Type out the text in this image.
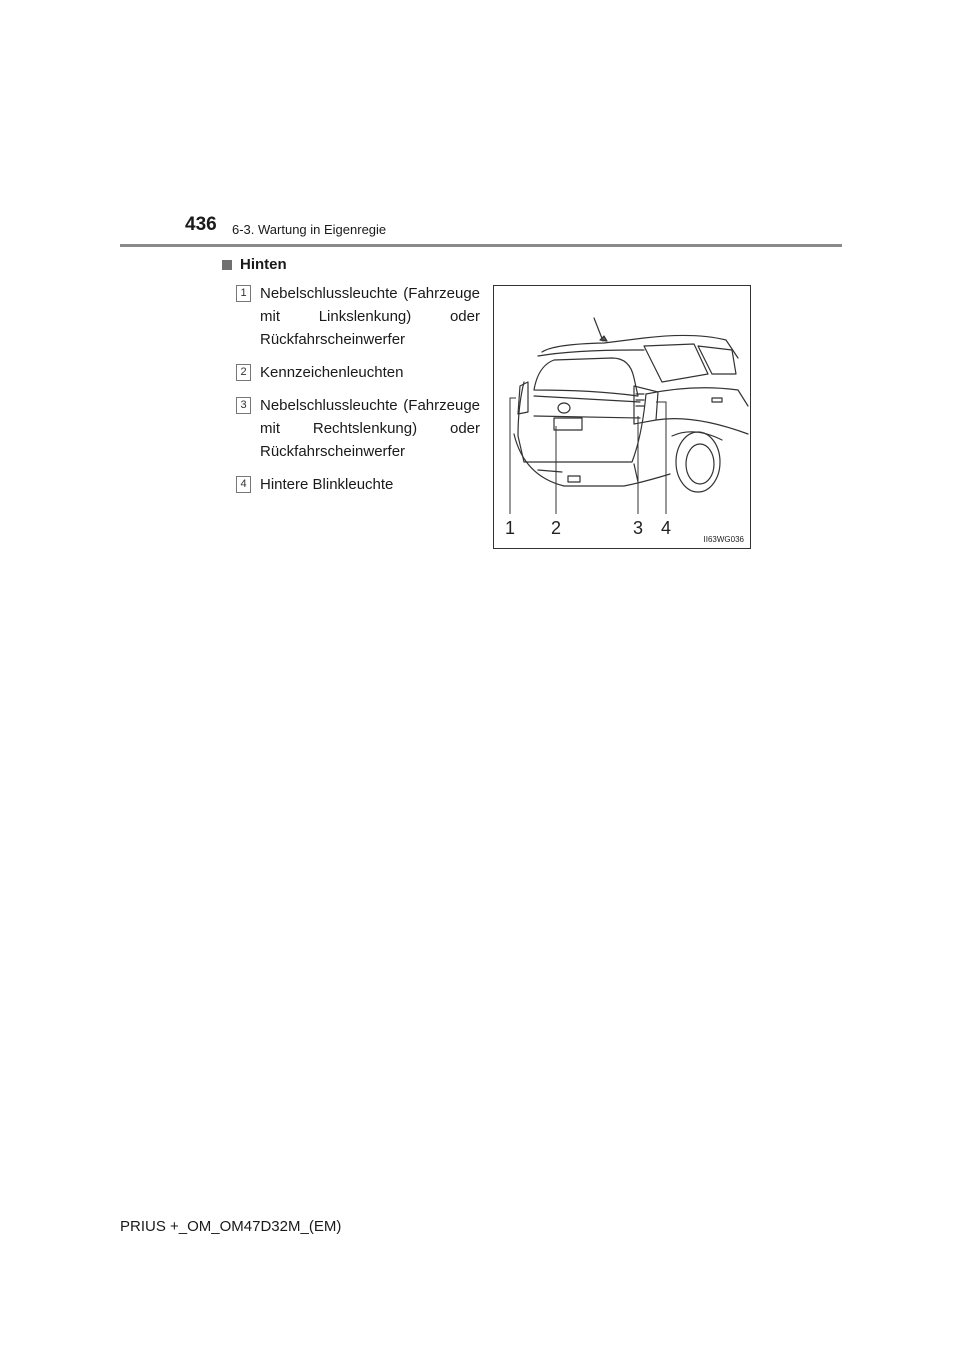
436 6-3. Wartung in Eigenregie
Hinten
1 Nebelschlussleuchte (Fahrzeuge mit Linkslenkung) oder Rückfahrscheinwerfer
2 Kennzeichenleuchten
3 Nebelschlussleuchte (Fahrzeuge mit Rechtslenkung) oder Rückfahrscheinwerfer
4 Hintere Blinkleuchte
1 2	3 4
II63WG036
PRIUS +_OM_OM47D32M_(EM)
